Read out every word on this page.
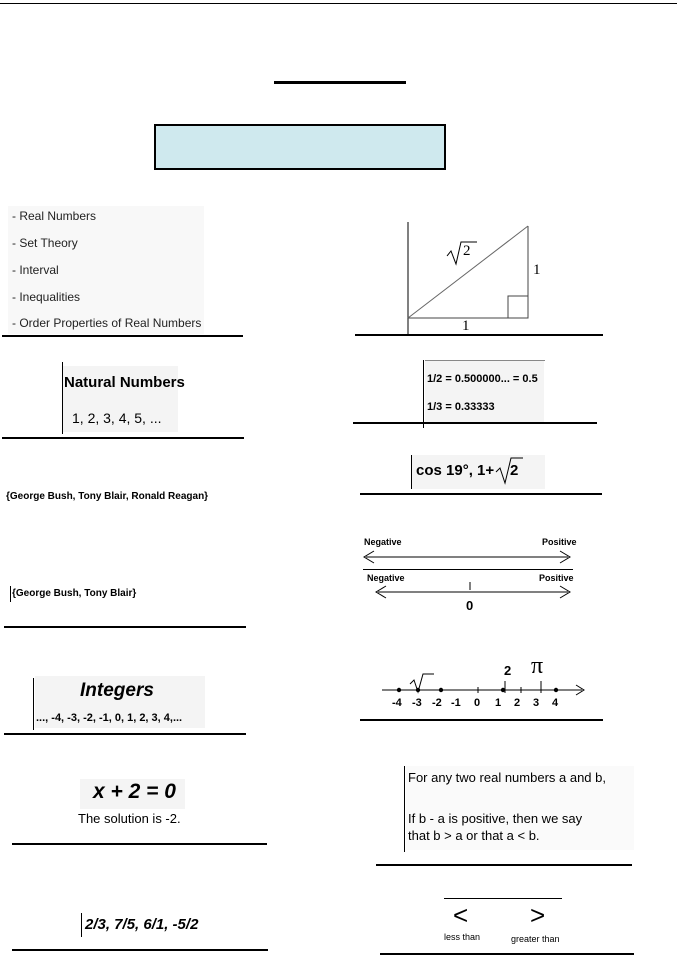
- Real Numbers
- Set Theory
- Interval
- Inequalities
- Order Properties of Real Numbers
2
1
1
Natural Numbers
1, 2, 3, 4, 5, ...
1/2 = 0.500000... = 0.5
1/3 = 0.33333
cos 19°, 1+ 2
{George Bush, Tony Blair, Ronald Reagan}
{George Bush, Tony Blair}
Negative	Positive
Negative	Positive
0
Integers
..., -4, -3, -2, -1, 0, 1, 2, 3, 4,...
2 π
-4 -3 -2 -1 0 1 2 3 4
x + 2 = 0
The solution is -2.
For any two real numbers a and b,
If b - a is positive, then we say
that b > a or that a < b.
2/3, 7/5, 6/1, -5/2	<
less than
>
greater than
